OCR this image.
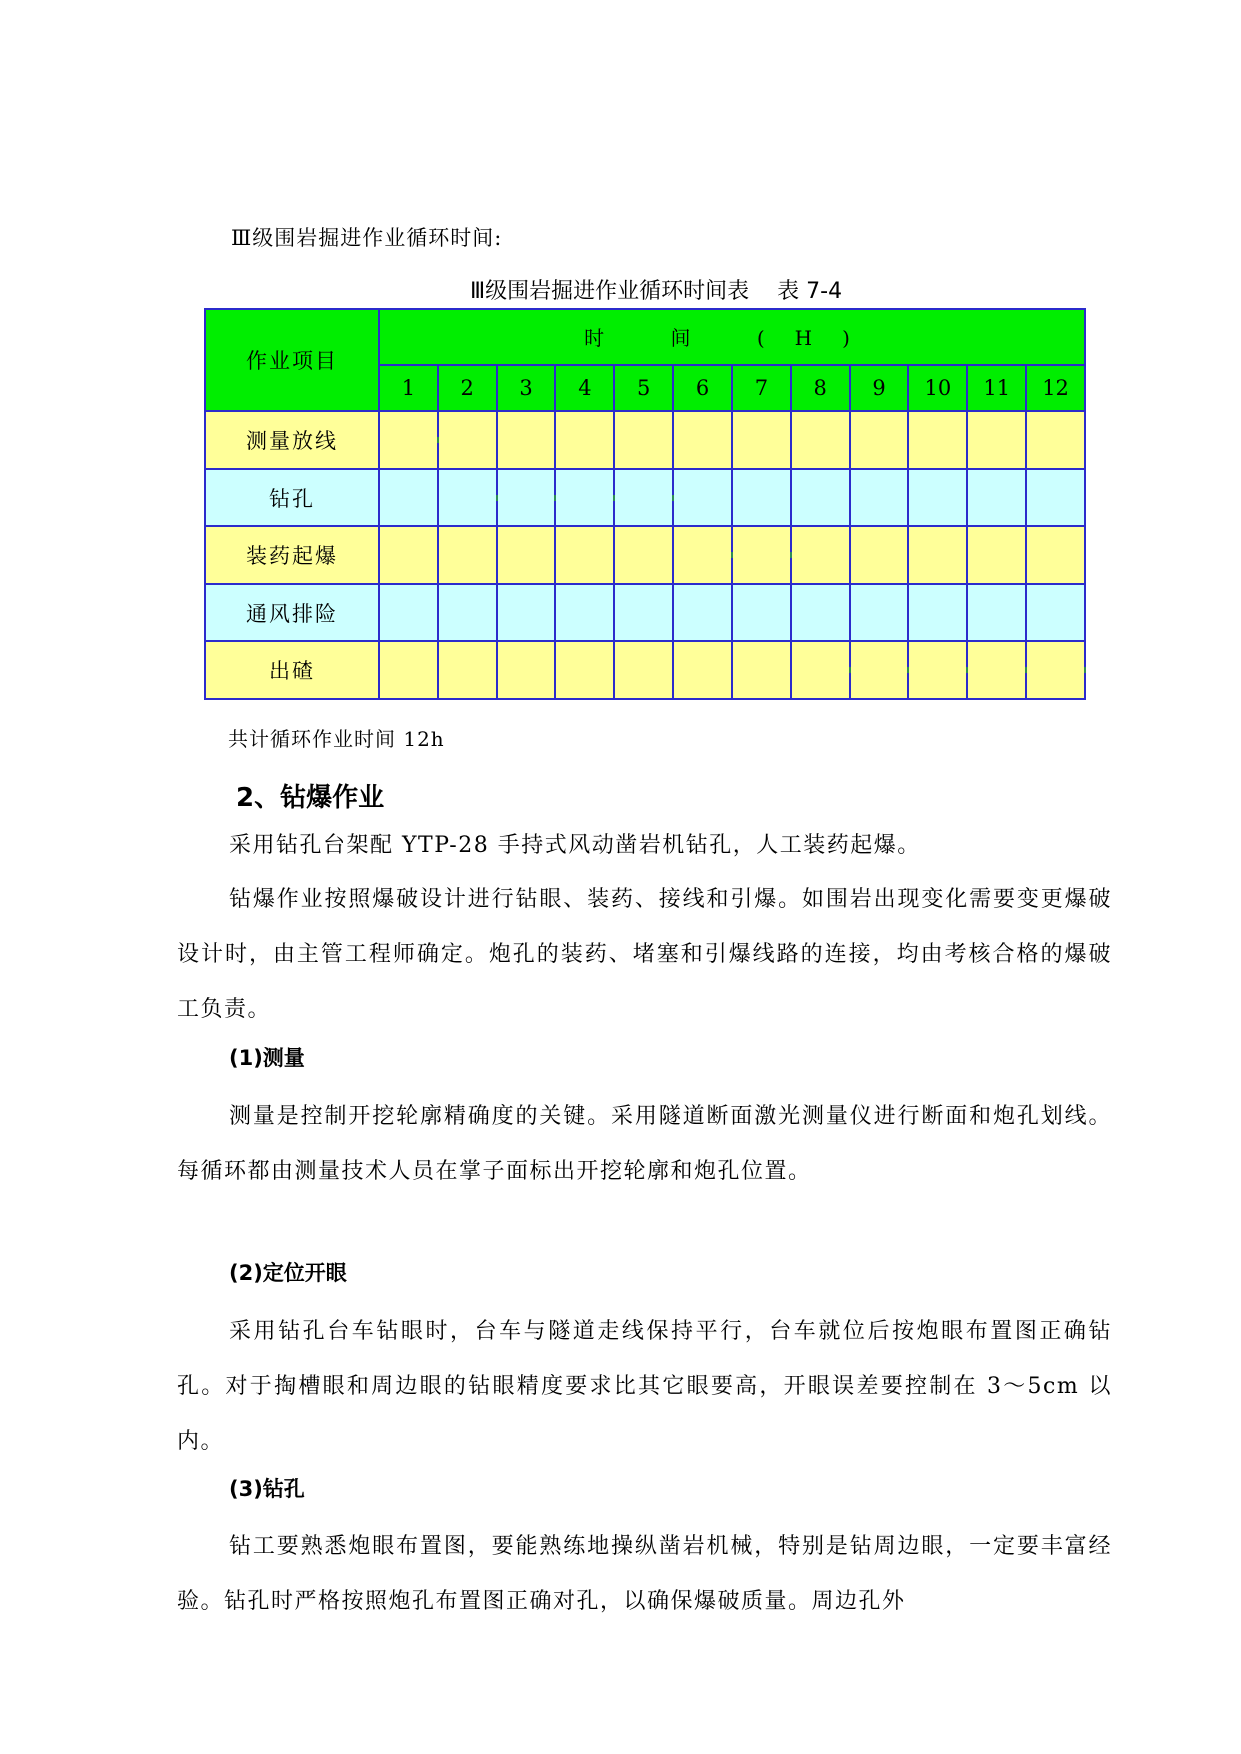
Ⅲ级围岩掘进作业循环时间:
Ⅲ级围岩掘进作业循环时间表 表 7-4
作业项目	时 间 (H)											
	1	2	3	4	5	6	7	8	9	10	11	12
测量放线

钻孔

装药起爆

通风排险

出碴

共计循环作业时间 12h
2、钻爆作业

采用钻孔台架配 YTP-28 手持式风动凿岩机钻孔，人工装药起爆。

钻爆作业按照爆破设计进行钻眼、装药、接线和引爆。如围岩出现变化需要变更爆破设计时，由主管工程师确定。炮孔的装药、堵塞和引爆线路的连接，均由考核合格的爆破工负责。

(1)测量

测量是控制开挖轮廓精确度的关键。采用隧道断面激光测量仪进行断面和炮孔划线。每循环都由测量技术人员在掌子面标出开挖轮廓和炮孔位置。

(2)定位开眼

采用钻孔台车钻眼时，台车与隧道走线保持平行，台车就位后按炮眼布置图正确钻孔。对于掏槽眼和周边眼的钻眼精度要求比其它眼要高，开眼误差要控制在 3～5cm 以内。

(3)钻孔

钻工要熟悉炮眼布置图，要能熟练地操纵凿岩机械，特别是钻周边眼，一定要丰富经验。钻孔时严格按照炮孔布置图正确对孔，以确保爆破质量。周边孔外
